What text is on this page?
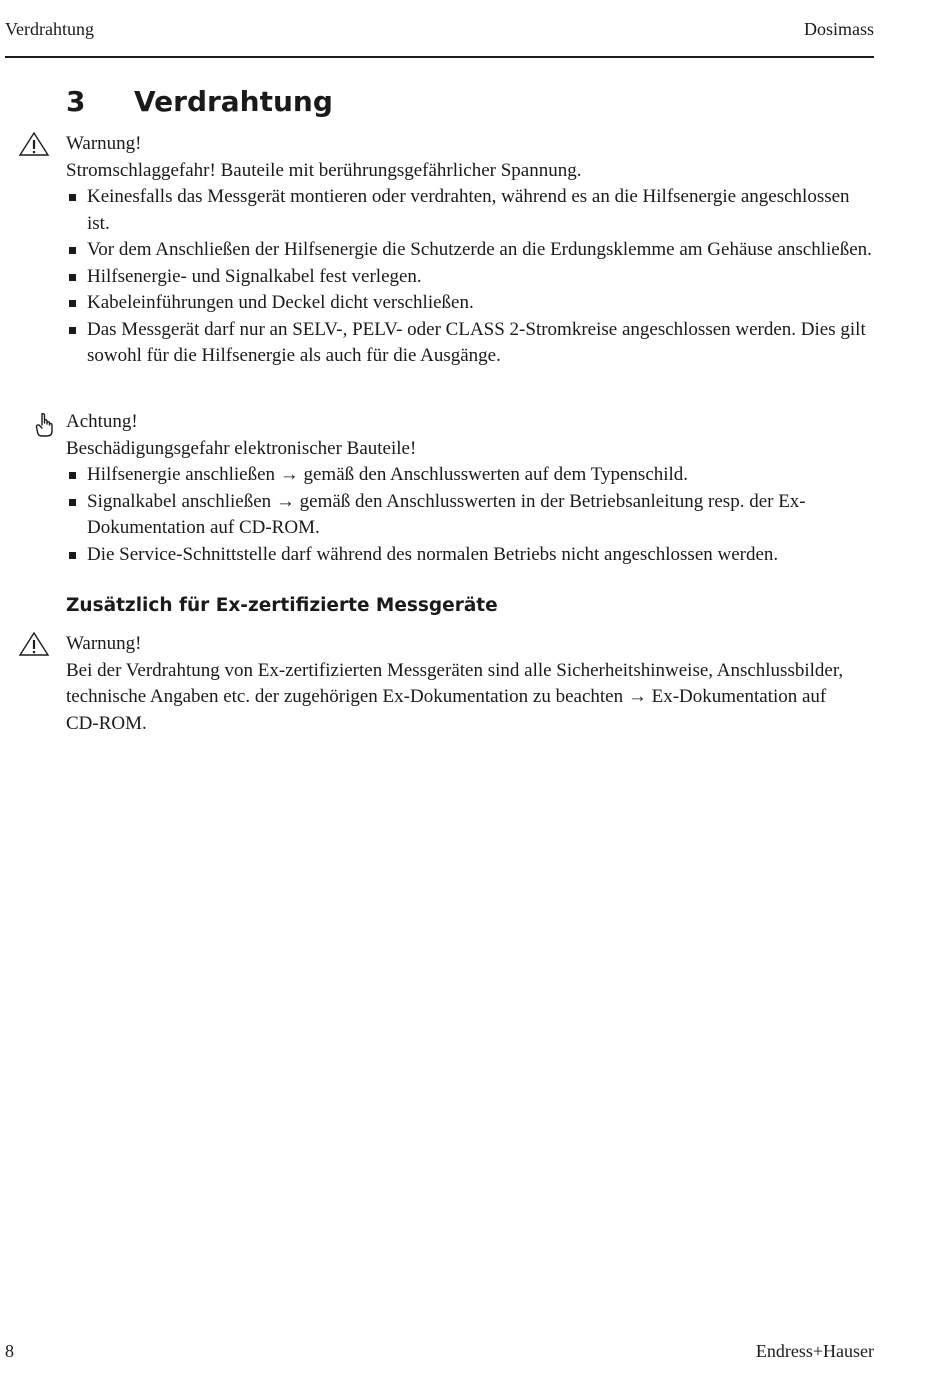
Verdrahtung	Dosimass
3 Verdrahtung

Warnung!

Stromschlaggefahr! Bauteile mit berührungsgefährlicher Spannung.

Keinesfalls das Messgerät montieren oder verdrahten, während es an die Hilfsenergie angeschlossen ist.
Vor dem Anschließen der Hilfsenergie die Schutzerde an die Erdungsklemme am Gehäuse anschließen.
Hilfsenergie- und Signalkabel fest verlegen.
Kabeleinführungen und Deckel dicht verschließen.
Das Messgerät darf nur an SELV-, PELV- oder CLASS 2-Stromkreise angeschlossen werden. Dies gilt sowohl für die Hilfsenergie als auch für die Ausgänge.

Achtung!

Beschädigungsgefahr elektronischer Bauteile!

Hilfsenergie anschließen → gemäß den Anschlusswerten auf dem Typenschild.
Signalkabel anschließen → gemäß den Anschlusswerten in der Betriebsanleitung resp. der Ex-Dokumentation auf CD-ROM.
Die Service-Schnittstelle darf während des normalen Betriebs nicht angeschlossen werden.
Zusätzlich für Ex-zertifizierte Messgeräte

Warnung!

Bei der Verdrahtung von Ex-zertifizierten Messgeräten sind alle Sicherheitshinweise, Anschlussbilder, technische Angaben etc. der zugehörigen Ex-Dokumentation zu beachten → Ex-Dokumentation auf CD-ROM.

8	Endress+Hauser
